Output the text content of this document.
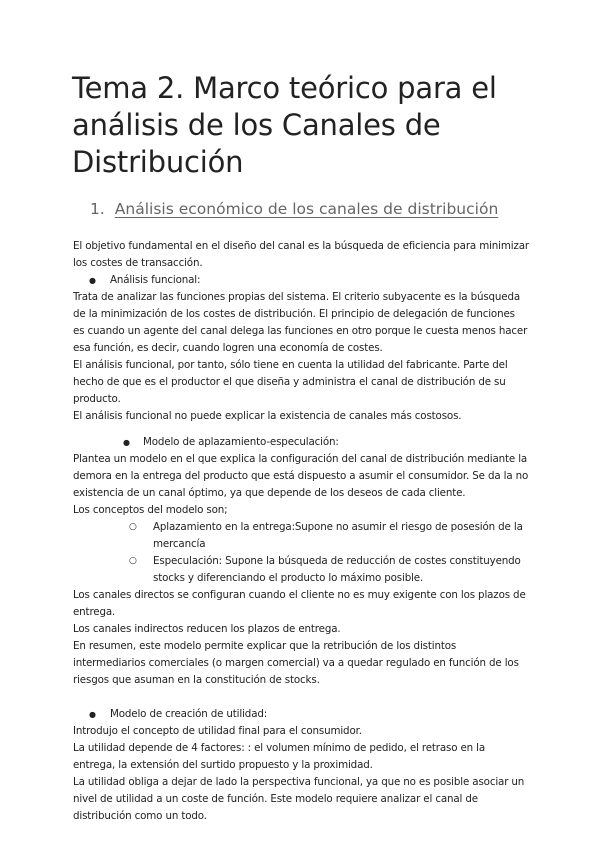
Tema 2. Marco teórico para el análisis de los Canales de Distribución
1. Análisis económico de los canales de distribución

El objetivo fundamental en el diseño del canal es la búsqueda de eficiencia para minimizar los costes de transacción.

● Análisis funcional:

Trata de analizar las funciones propias del sistema. El criterio subyacente es la búsqueda de la minimización de los costes de distribución. El principio de delegación de funciones es cuando un agente del canal delega las funciones en otro porque le cuesta menos hacer esa función, es decir, cuando logren una economía de costes.

El análisis funcional, por tanto, sólo tiene en cuenta la utilidad del fabricante. Parte del hecho de que es el productor el que diseña y administra el canal de distribución de su producto.

El análisis funcional no puede explicar la existencia de canales más costosos.

● Modelo de aplazamiento-especulación:

Plantea un modelo en el que explica la configuración del canal de distribución mediante la demora en la entrega del producto que está dispuesto a asumir el consumidor. Se da la no existencia de un canal óptimo, ya que depende de los deseos de cada cliente.

Los conceptos del modelo son;

○ Aplazamiento en la entrega:Supone no asumir el riesgo de posesión de la mercancía
○ Especulación: Supone la búsqueda de reducción de costes constituyendo stocks y diferenciando el producto lo máximo posible.

Los canales directos se configuran cuando el cliente no es muy exigente con los plazos de entrega.

Los canales indirectos reducen los plazos de entrega.

En resumen, este modelo permite explicar que la retribución de los distintos intermediarios comerciales (o margen comercial) va a quedar regulado en función de los riesgos que asuman en la constitución de stocks.

● Modelo de creación de utilidad:

Introdujo el concepto de utilidad final para el consumidor.

La utilidad depende de 4 factores: : el volumen mínimo de pedido, el retraso en la entrega, la extensión del surtido propuesto y la proximidad.

La utilidad obliga a dejar de lado la perspectiva funcional, ya que no es posible asociar un nivel de utilidad a un coste de función. Este modelo requiere analizar el canal de distribución como un todo.
